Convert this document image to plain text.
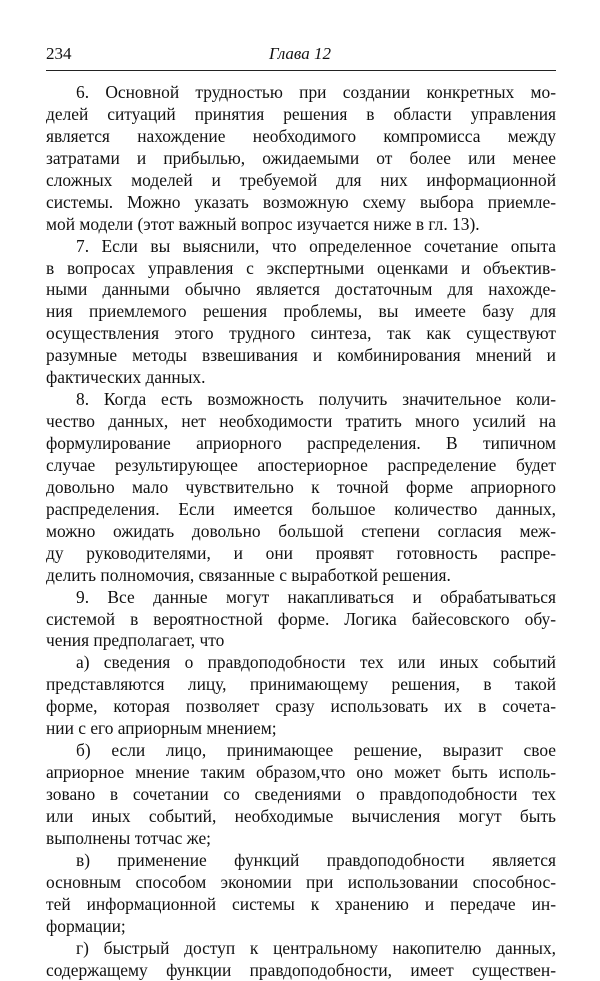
234	Глава 12
6. Основной трудностью при создании конкретных мо-
делей ситуаций принятия решения в области управления
является нахождение необходимого компромисса между
затратами и прибылью, ожидаемыми от более или менее
сложных моделей и требуемой для них информационной
системы. Можно указать возможную схему выбора приемле-
мой модели (этот важный вопрос изучается ниже в гл. 13).
7. Если вы выяснили, что определенное сочетание опыта
в вопросах управления с экспертными оценками и объектив-
ными данными обычно является достаточным для нахожде-
ния приемлемого решения проблемы, вы имеете базу для
осуществления этого трудного синтеза, так как существуют
разумные методы взвешивания и комбинирования мнений и
фактических данных.
8. Когда есть возможность получить значительное коли-
чество данных, нет необходимости тратить много усилий на
формулирование априорного распределения. В типичном
случае результирующее апостериорное распределение будет
довольно мало чувствительно к точной форме априорного
распределения. Если имеется большое количество данных,
можно ожидать довольно большой степени согласия меж-
ду руководителями, и они проявят готовность распре-
делить полномочия, связанные с выработкой решения.
9. Все данные могут накапливаться и обрабатываться
системой в вероятностной форме. Логика байесовского обу-
чения предполагает, что
а) сведения о правдоподобности тех или иных событий
представляются лицу, принимающему решения, в такой
форме, которая позволяет сразу использовать их в сочета-
нии с его априорным мнением;
б) если лицо, принимающее решение, выразит свое
априорное мнение таким образом,что оно может быть исполь-
зовано в сочетании со сведениями о правдоподобности тех
или иных событий, необходимые вычисления могут быть
выполнены тотчас же;
в) применение функций правдоподобности является
основным способом экономии при использовании способнос-
тей информационной системы к хранению и передаче ин-
формации;
г) быстрый доступ к центральному накопителю данных,
содержащему функции правдоподобности, имеет существен-
